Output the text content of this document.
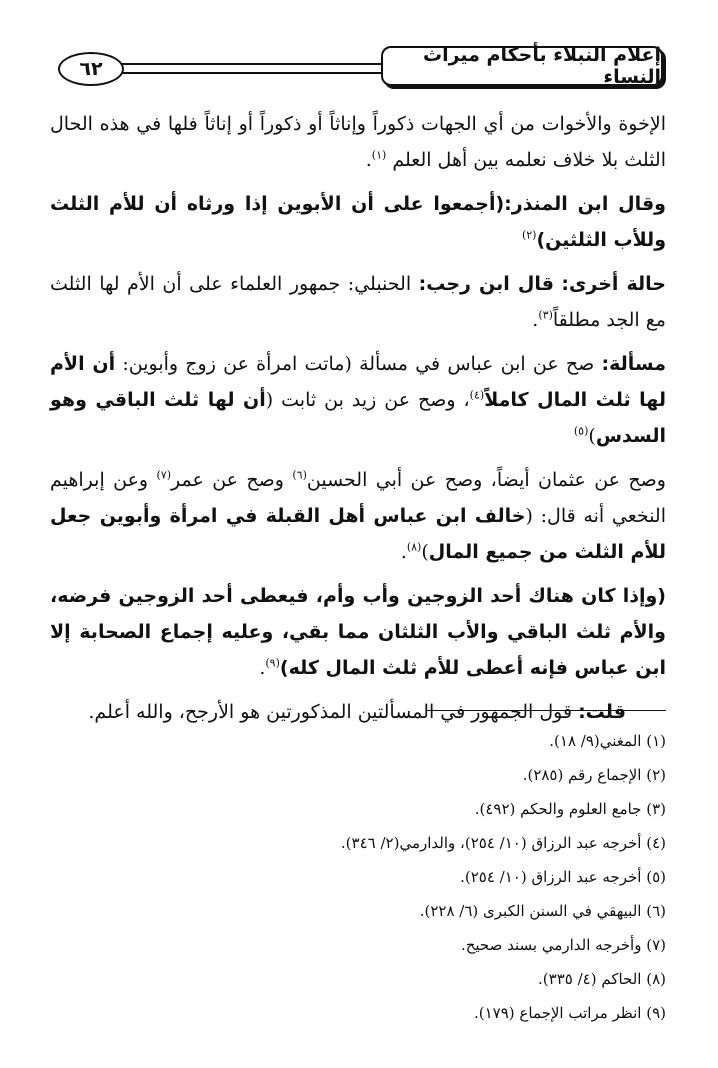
إعلام النبلاء بأحكام ميراث النساء
٦٢

الإخوة والأخوات من أي الجهات ذكوراً وإناثاً أو ذكوراً أو إناثاً فلها في هذه الحال الثلث بلا خلاف نعلمه بين أهل العلم $^{(١)}$.

وقال ابن المنذر:(أجمعوا على أن الأبوين إذا ورثاه أن للأم الثلث وللأب الثلثين)$^{(٢)}$

حالة أخرى: قال ابن رجب: الحنبلي: جمهور العلماء على أن الأم لها الثلث مع الجد مطلقاً$^{(٣)}$.

مسألة: صح عن ابن عباس في مسألة (ماتت امرأة عن زوج وأبوين: أن الأم لها ثلث المال كاملاً$^{(٤)}$، وصح عن زيد بن ثابت (أن لها ثلث الباقي وهو السدس)$^{(٥)}$

وصح عن عثمان أيضاً، وصح عن أبي الحسين$^{(٦)}$ وصح عن عمر$^{(٧)}$ وعن إبراهيم النخعي أنه قال: (خالف ابن عباس أهل القبلة في امرأة وأبوين جعل للأم الثلث من جميع المال)$^{(٨)}$.

(وإذا كان هناك أحد الزوجين وأب وأم، فيعطى أحد الزوجين فرضه، والأم ثلث الباقي والأب الثلثان مما بقي، وعليه إجماع الصحابة إلا ابن عباس فإنه أعطى للأم ثلث المال كله)$^{(٩)}$.

قلت: قول الجمهور في المسألتين المذكورتين هو الأرجح، والله أعلم.

(١) المغني(٩/ ١٨).
(٢) الإجماع رقم (٢٨٥).
(٣) جامع العلوم والحكم (٤٩٢).
(٤) أخرجه عبد الرزاق (١٠/ ٢٥٤)، والدارمي(٢/ ٣٤٦).
(٥) أخرجه عبد الرزاق (١٠/ ٢٥٤).
(٦) البيهقي في السنن الكبرى (٦/ ٢٢٨).
(٧) وأخرجه الدارمي بسند صحيح.
(٨) الحاكم (٤/ ٣٣٥).
(٩) انظر مراتب الإجماع (١٧٩).
